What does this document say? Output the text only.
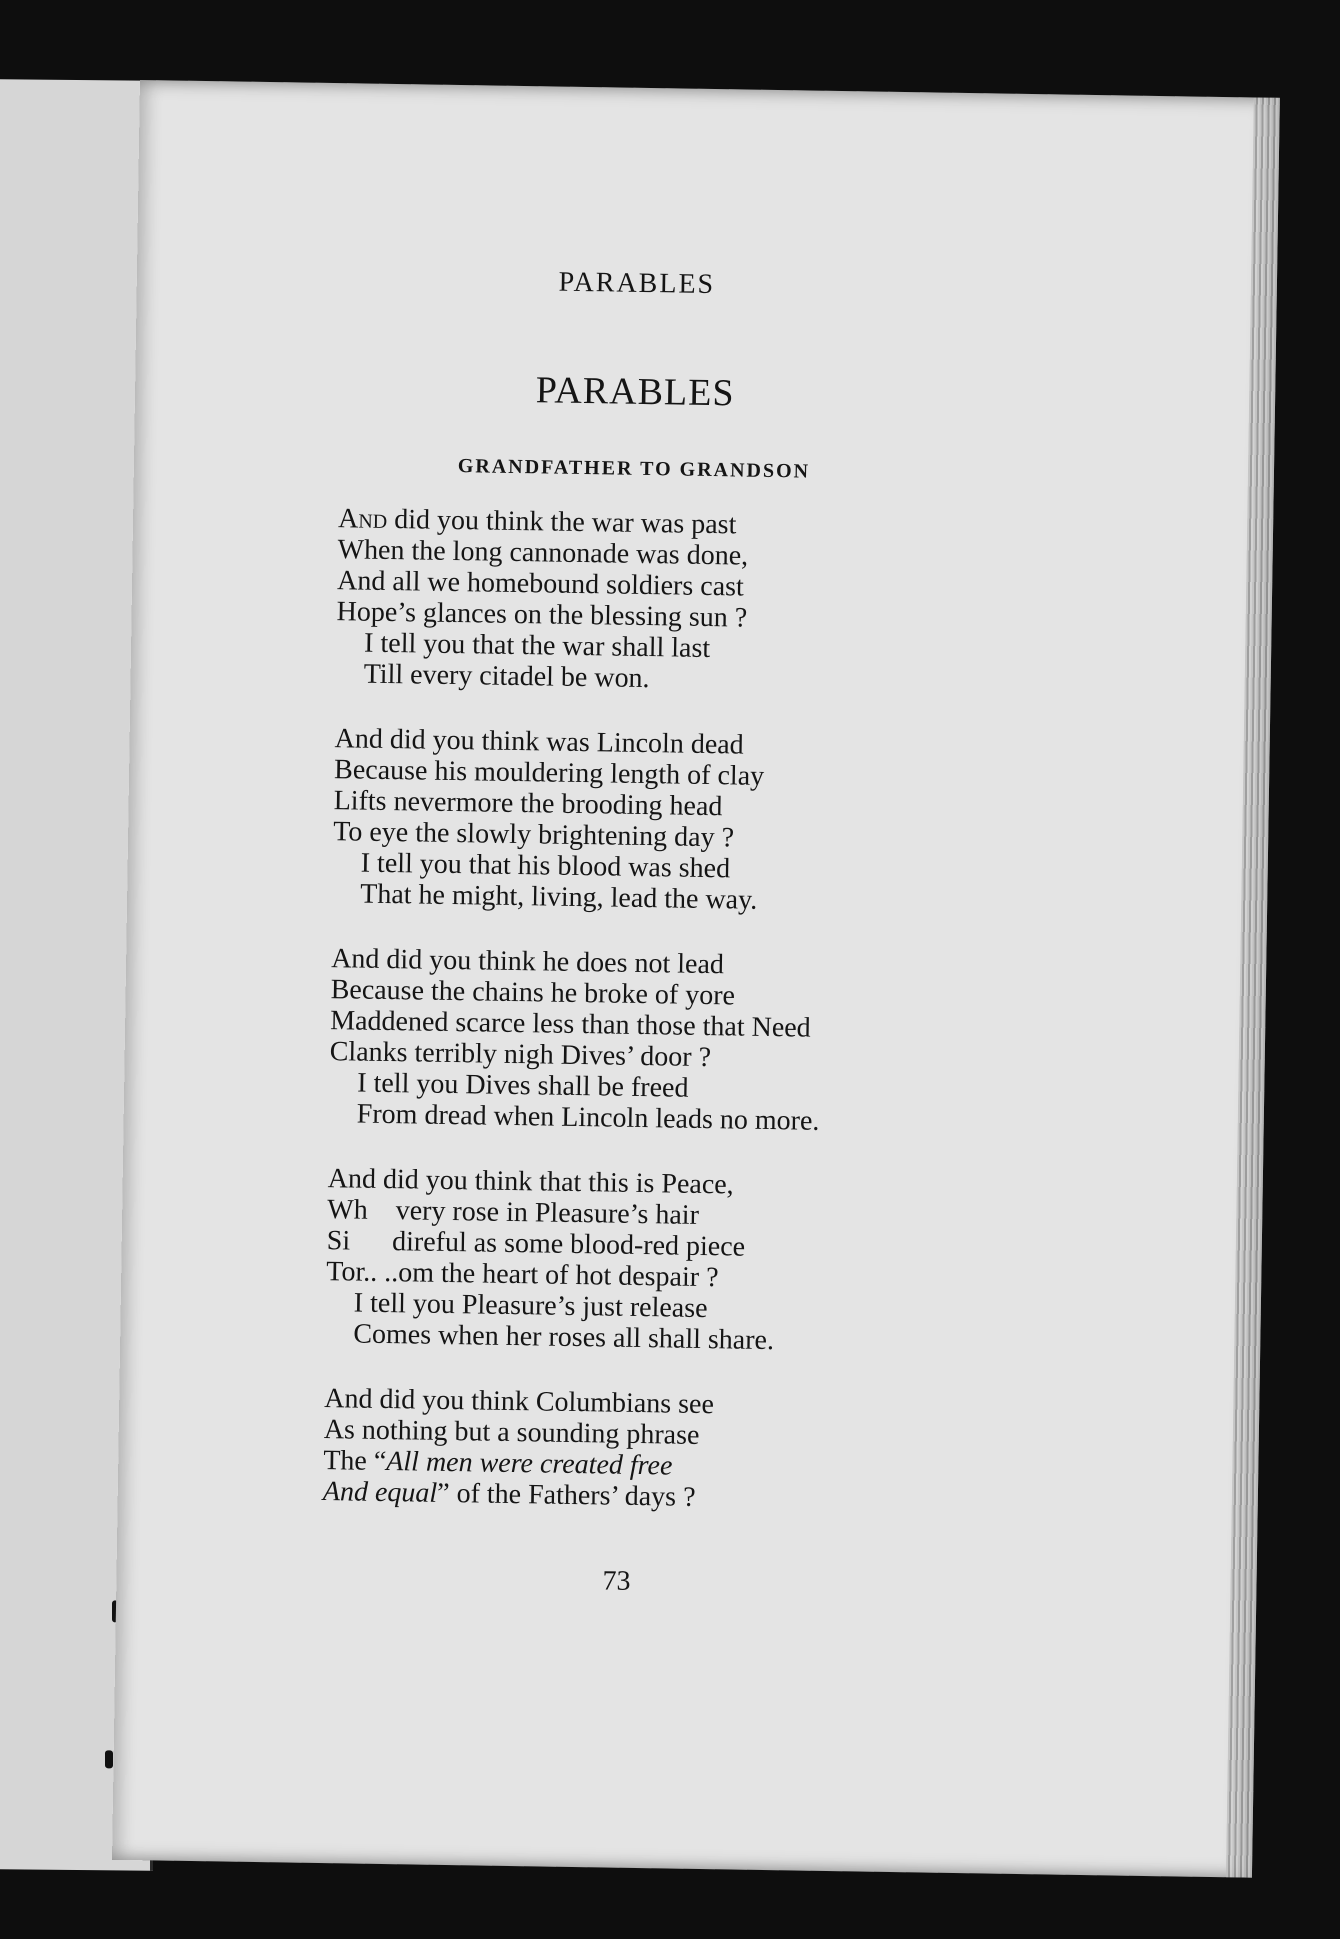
PARABLES
PARABLES
GRANDFATHER TO GRANDSON
And did you think the war was past
When the long cannonade was done,
And all we homebound soldiers cast
Hope’s glances on the blessing sun ?
I tell you that the war shall last
Till every citadel be won.
And did you think was Lincoln dead
Because his mouldering length of clay
Lifts nevermore the brooding head
To eye the slowly brightening day ?
I tell you that his blood was shed
That he might, living, lead the way.
And did you think he does not lead
Because the chains he broke of yore
Maddened scarce less than those that Need
Clanks terribly nigh Dives’ door ?
I tell you Dives shall be freed
From dread when Lincoln leads no more.
And did you think that this is Peace,
Wh    very rose in Pleasure’s hair
Si      direful as some blood-red piece
Tor.. ..om the heart of hot despair ?
I tell you Pleasure’s just release
Comes when her roses all shall share.
And did you think Columbians see
As nothing but a sounding phrase
The “All men were created free
And equal” of the Fathers’ days ?
73
